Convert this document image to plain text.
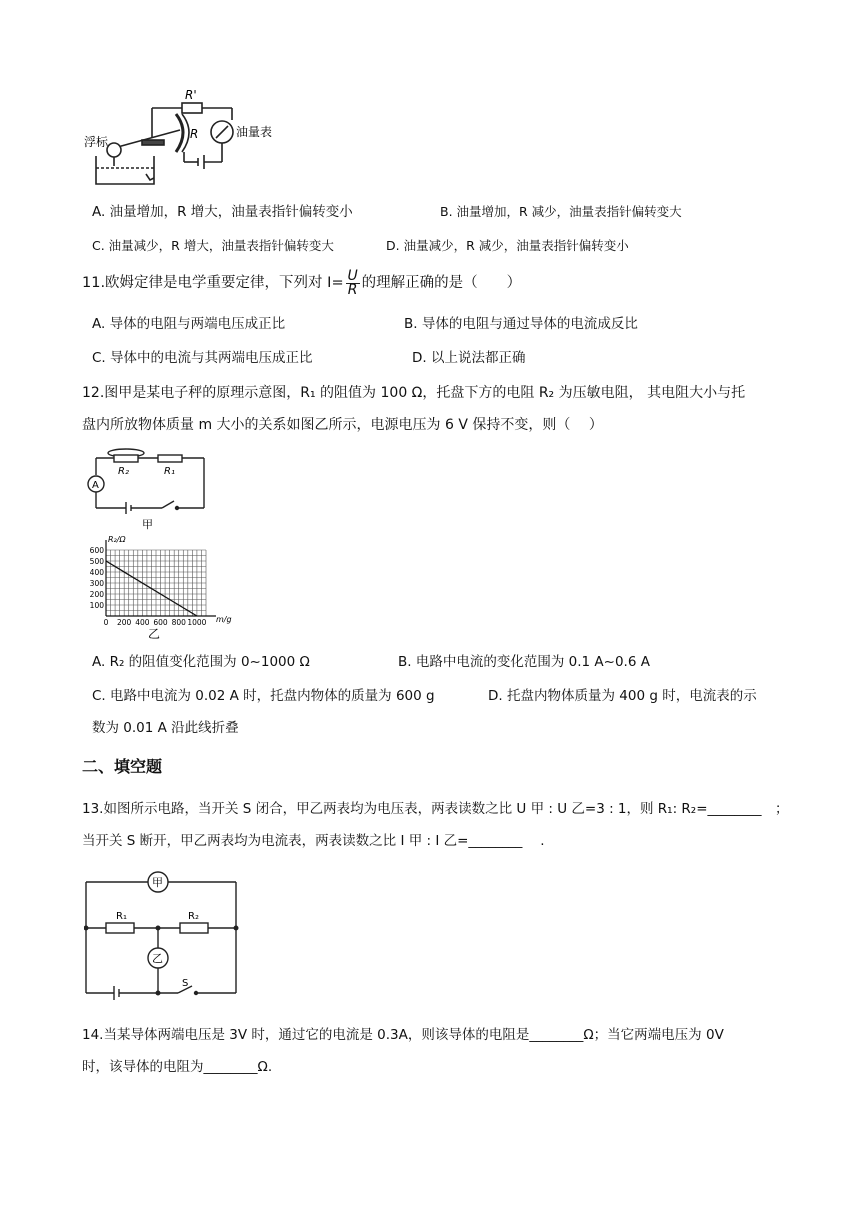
R'
R	油量表
浮标
A. 油量增加，R 增大，油量表指针偏转变小	B. 油量增加，R 减少，油量表指针偏转变大
C. 油量减少，R 增大，油量表指针偏转变大	D. 油量减少，R 减少，油量表指针偏转变小
11.欧姆定律是电学重要定律，下列对 $I= \frac{U}{R}$ 的理解正确的是（　　）
A. 导体的电阻与两端电压成正比	B. 导体的电阻与通过导体的电流成反比
C. 导体中的电流与其两端电压成正比	D. 以上说法都正确
12.图甲是某电子秤的原理示意图，R₁ 的阻值为 100 Ω，托盘下方的电阻 R₂ 为压敏电阻， 其电阻大小与托
盘内所放物体质量 m 大小的关系如图乙所示，电源电压为 6 V 保持不变，则（　 ）
R₂	R₁
A
甲
0 200 400 600 800 1000
100
200
300
400
500
600
R₂/Ω
m/g
乙
A. R₂ 的阻值变化范围为 0~1000 Ω	B. 电路中电流的变化范围为 0.1 A~0.6 A
C. 电路中电流为 0.02 A 时，托盘内物体的质量为 600 g	D. 托盘内物体质量为 400 g 时，电流表的示
数为 0.01 A 沿此线折叠
二、填空题
13.如图所示电路，当开关 S 闭合，甲乙两表均为电压表，两表读数之比 U 甲 : U 乙=3 : 1，则 R₁: R₂=________　；
当开关 S 断开，甲乙两表均为电流表，两表读数之比 I 甲 : I 乙=________　 .
甲
乙
R₁	R₂
S
14.当某导体两端电压是 3V 时，通过它的电流是 0.3A，则该导体的电阻是________Ω；当它两端电压为 0V
时，该导体的电阻为________Ω.
